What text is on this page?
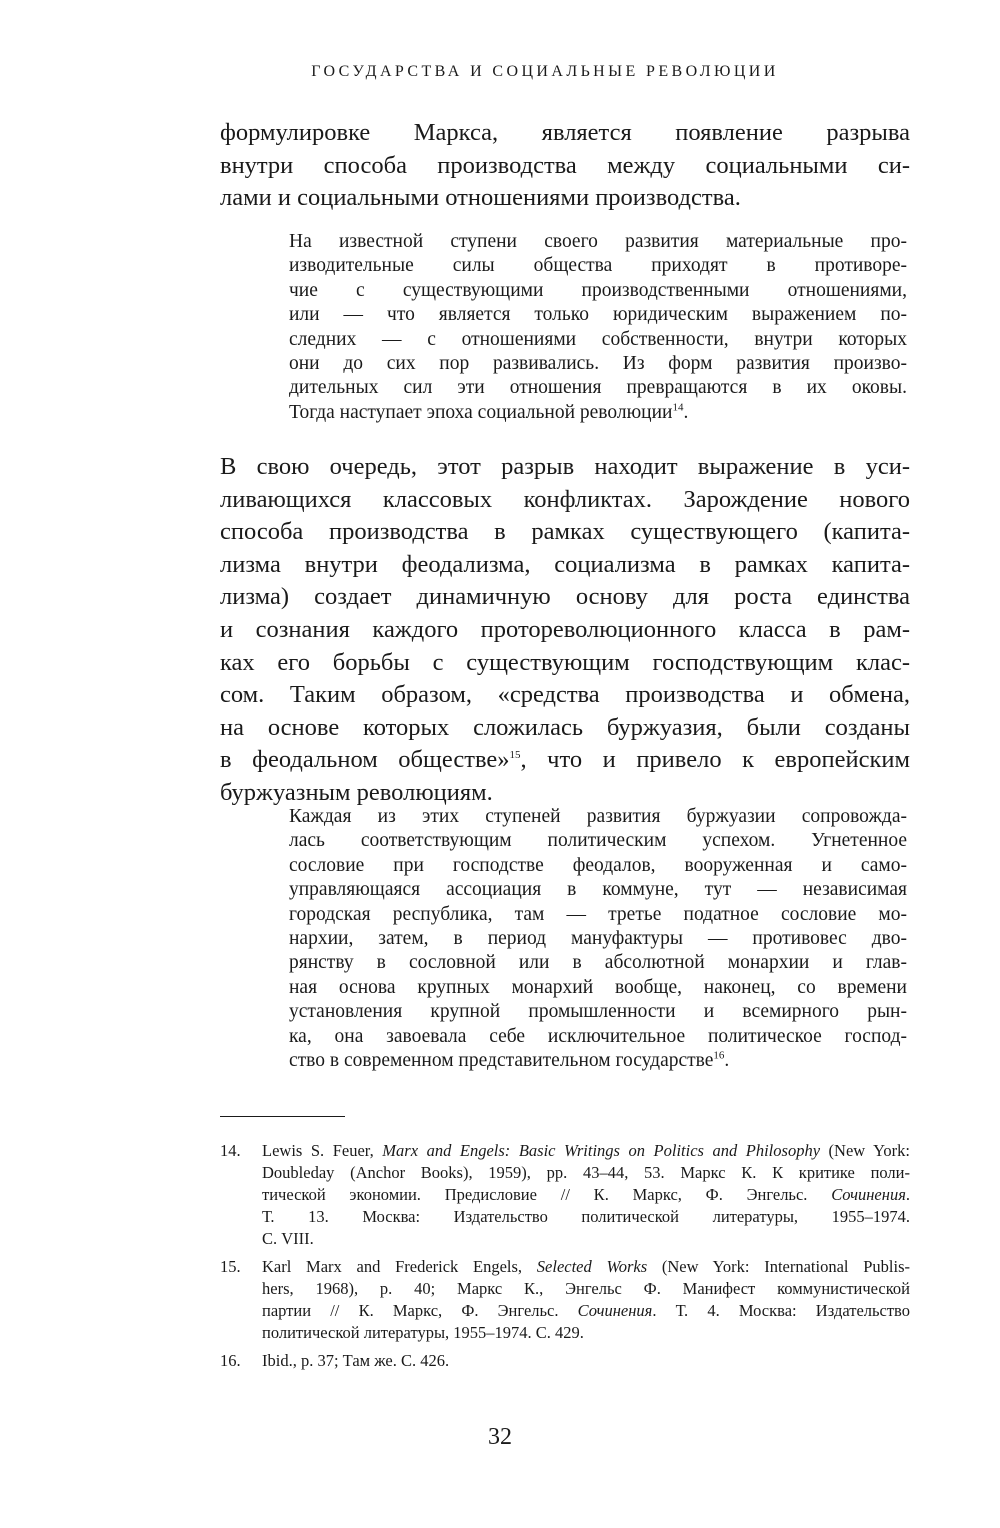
ГОСУДАРСТВА И СОЦИАЛЬНЫЕ РЕВОЛЮЦИИ
формулировке Маркса, является появление разрыва
внутри способа производства между социальными си-
лами и социальными отношениями производства.
На известной ступени своего развития материальные про-
изводительные силы общества приходят в противоре-
чие с существующими производственными отношениями,
или — что является только юридическим выражением по-
следних — с отношениями собственности, внутри которых
они до сих пор развивались. Из форм развития произво-
дительных сил эти отношения превращаются в их оковы.
Тогда наступает эпоха социальной революции$^{14}$.
В свою очередь, этот разрыв находит выражение в уси-
ливающихся классовых конфликтах. Зарождение нового
способа производства в рамках существующего (капита-
лизма внутри феодализма, социализма в рамках капита-
лизма) создает динамичную основу для роста единства
и сознания каждого протореволюционного класса в рам-
ках его борьбы с существующим господствующим клас-
сом. Таким образом, «средства производства и обмена,
на основе которых сложилась буржуазия, были созданы
в феодальном обществе»$^{15}$, что и привело к европейским
буржуазным революциям.
Каждая из этих ступеней развития буржуазии сопровожда-
лась соответствующим политическим успехом. Угнетенное
сословие при господстве феодалов, вооруженная и само-
управляющаяся ассоциация в коммуне, тут — независимая
городская республика, там — третье податное сословие мо-
нархии, затем, в период мануфактуры — противовес дво-
рянству в сословной или в абсолютной монархии и глав-
ная основа крупных монархий вообще, наконец, со времени
установления крупной промышленности и всемирного рын-
ка, она завоевала себе исключительное политическое господ-
ство в современном представительном государстве$^{16}$.
14. Lewis S. Feuer, Marx and Engels: Basic Writings on Politics and Philosophy (New York:
Doubleday (Anchor Books), 1959), pp. 43–44, 53. Маркс К. К критике поли-
тической экономии. Предисловие // К. Маркс, Ф. Энгельс. Сочинения.
Т. 13. Москва: Издательство политической литературы, 1955–1974.
С. VIII.
15. Karl Marx and Frederick Engels, Selected Works (New York: International Publis-
hers, 1968), p. 40; Маркс К., Энгельс Ф. Манифест коммунистической
партии // К. Маркс, Ф. Энгельс. Сочинения. Т. 4. Москва: Издательство
политической литературы, 1955–1974. С. 429.
16. Ibid., p. 37; Там же. С. 426.
32
